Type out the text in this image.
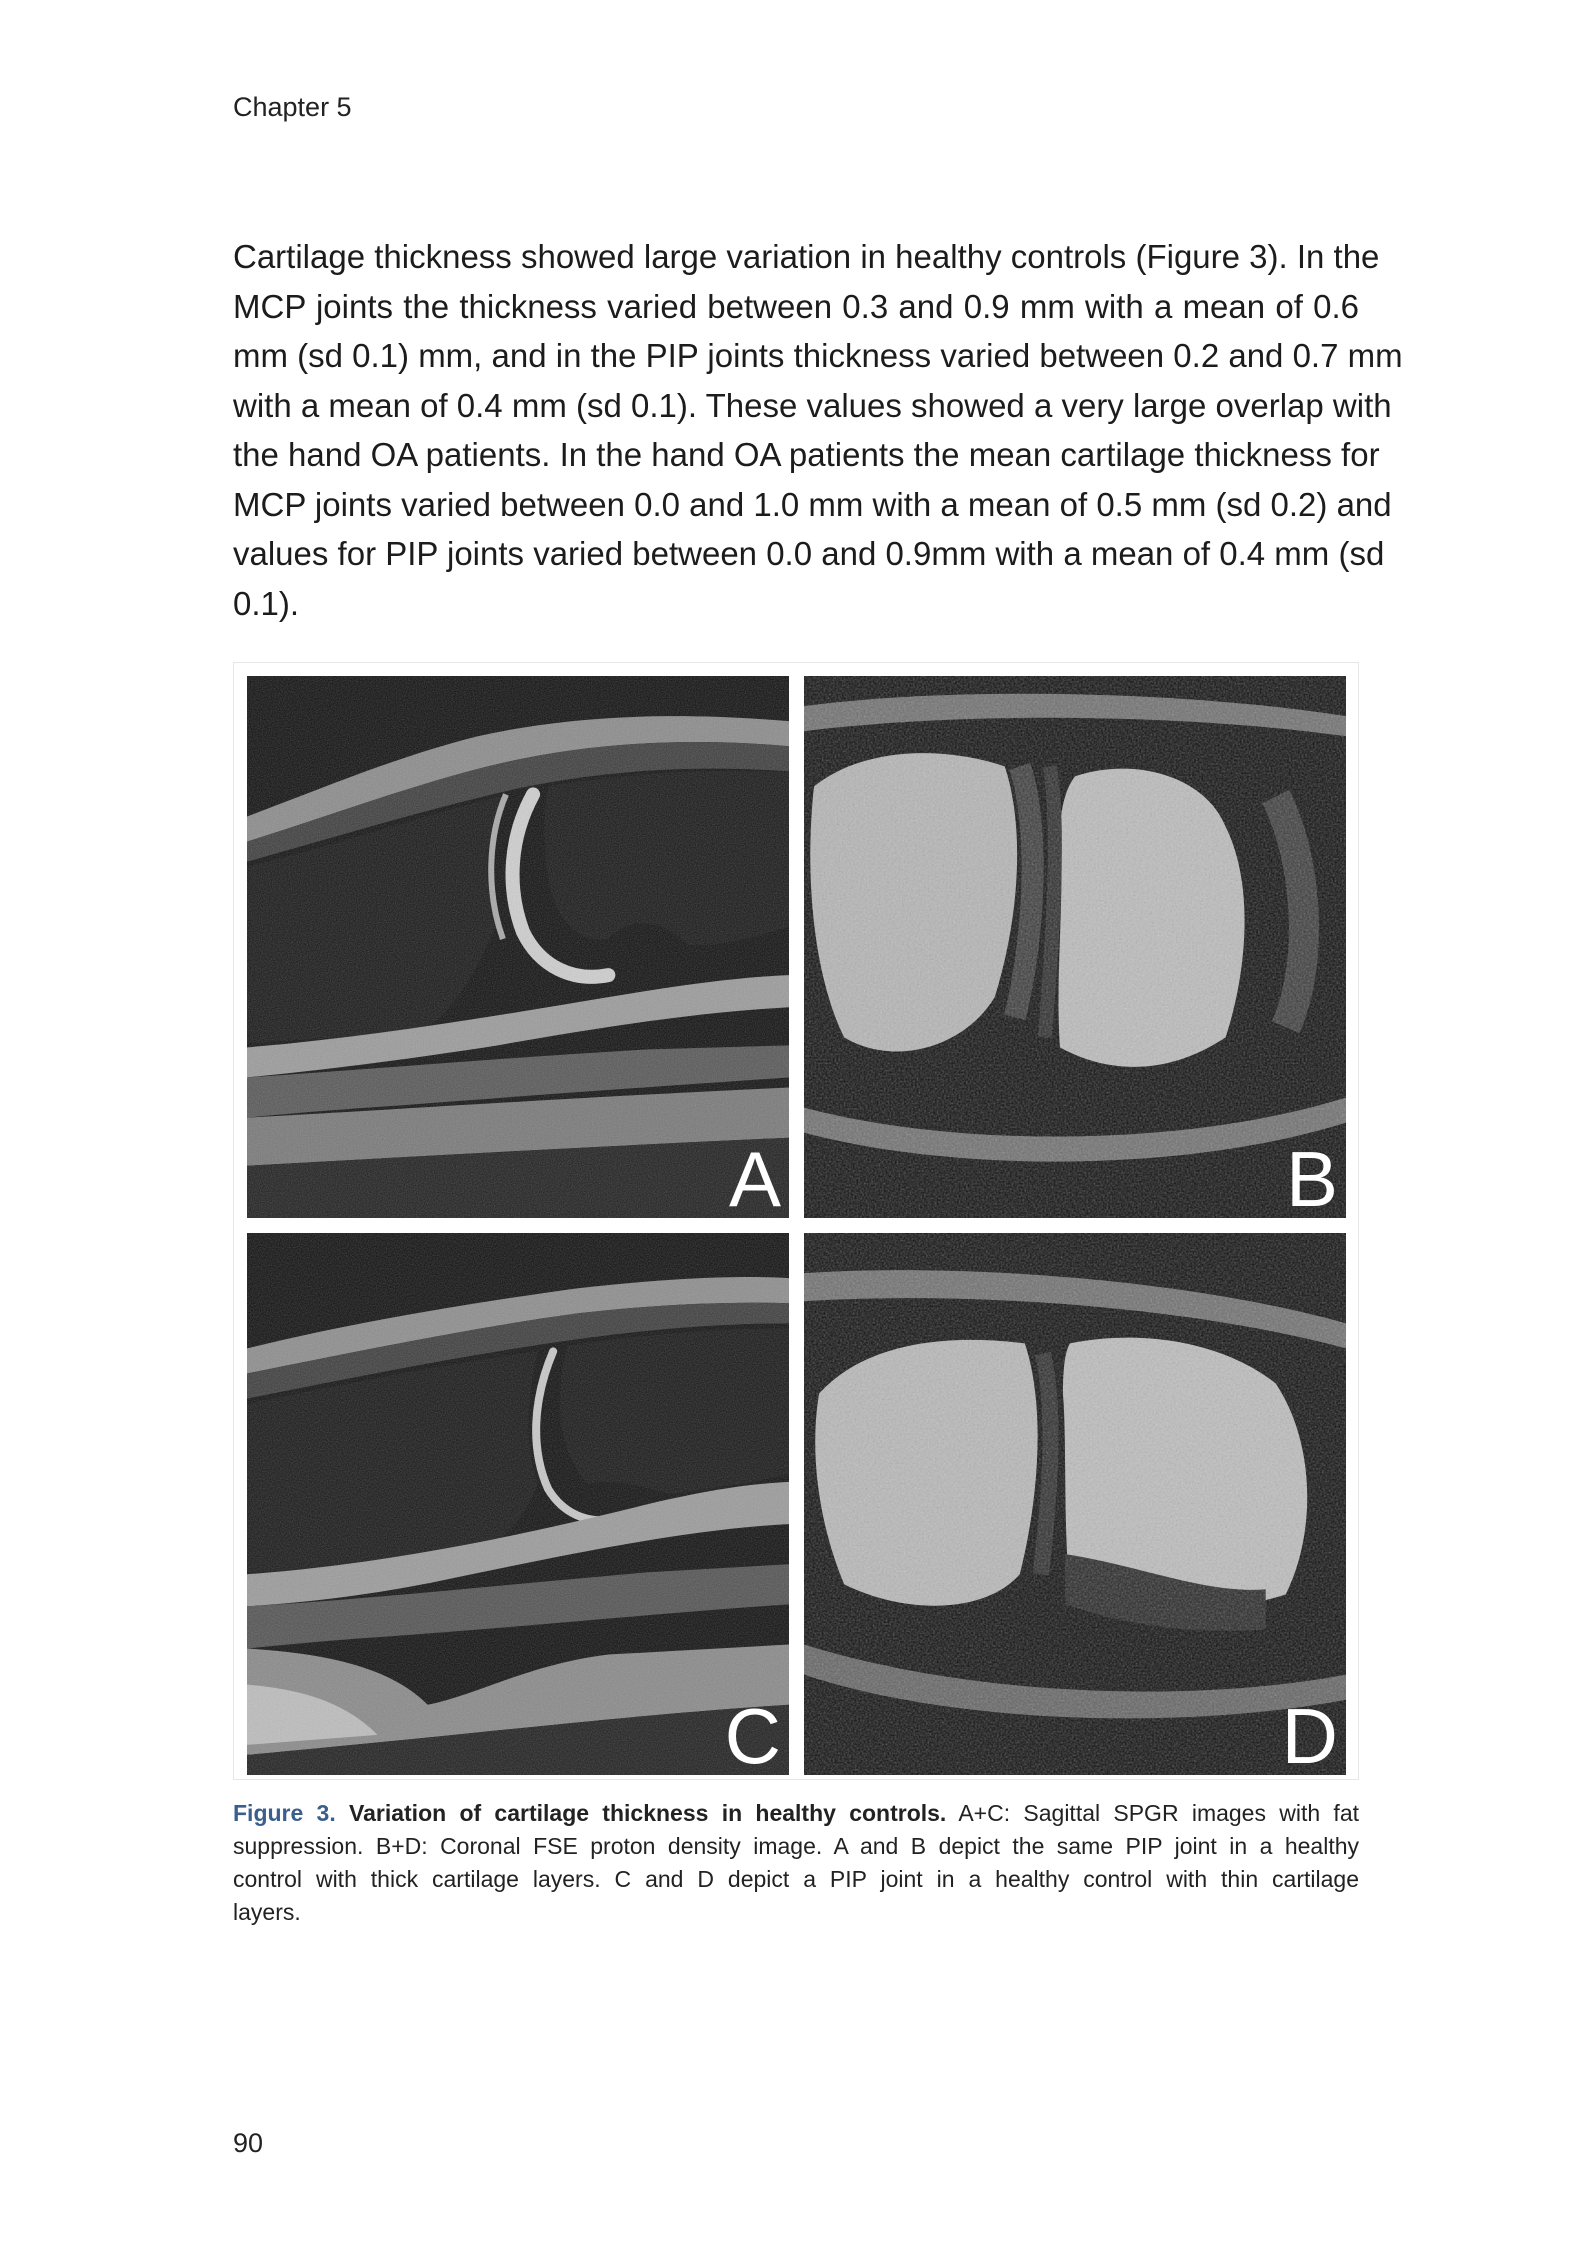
Chapter 5
Cartilage thickness showed large variation in healthy controls (Figure 3). In the
MCP joints the thickness varied between 0.3 and 0.9 mm with a mean of 0.6
mm (sd 0.1) mm, and in the PIP joints thickness varied between 0.2 and 0.7 mm
with a mean of 0.4 mm (sd 0.1). These values showed a very large overlap with
the hand OA patients. In the hand OA patients the mean cartilage thickness for
MCP joints varied between 0.0 and 1.0 mm with a mean of 0.5 mm (sd 0.2) and
values for PIP joints varied between 0.0 and 0.9mm with a mean of 0.4 mm (sd
0.1).
A	B
C	D
Figure 3. Variation of cartilage thickness in healthy controls. A+C: Sagittal SPGR images with fat
suppression. B+D: Coronal FSE proton density image. A and B depict the same PIP joint in a healthy
control with thick cartilage layers. C and D depict a PIP joint in a healthy control with thin cartilage
layers.
90
